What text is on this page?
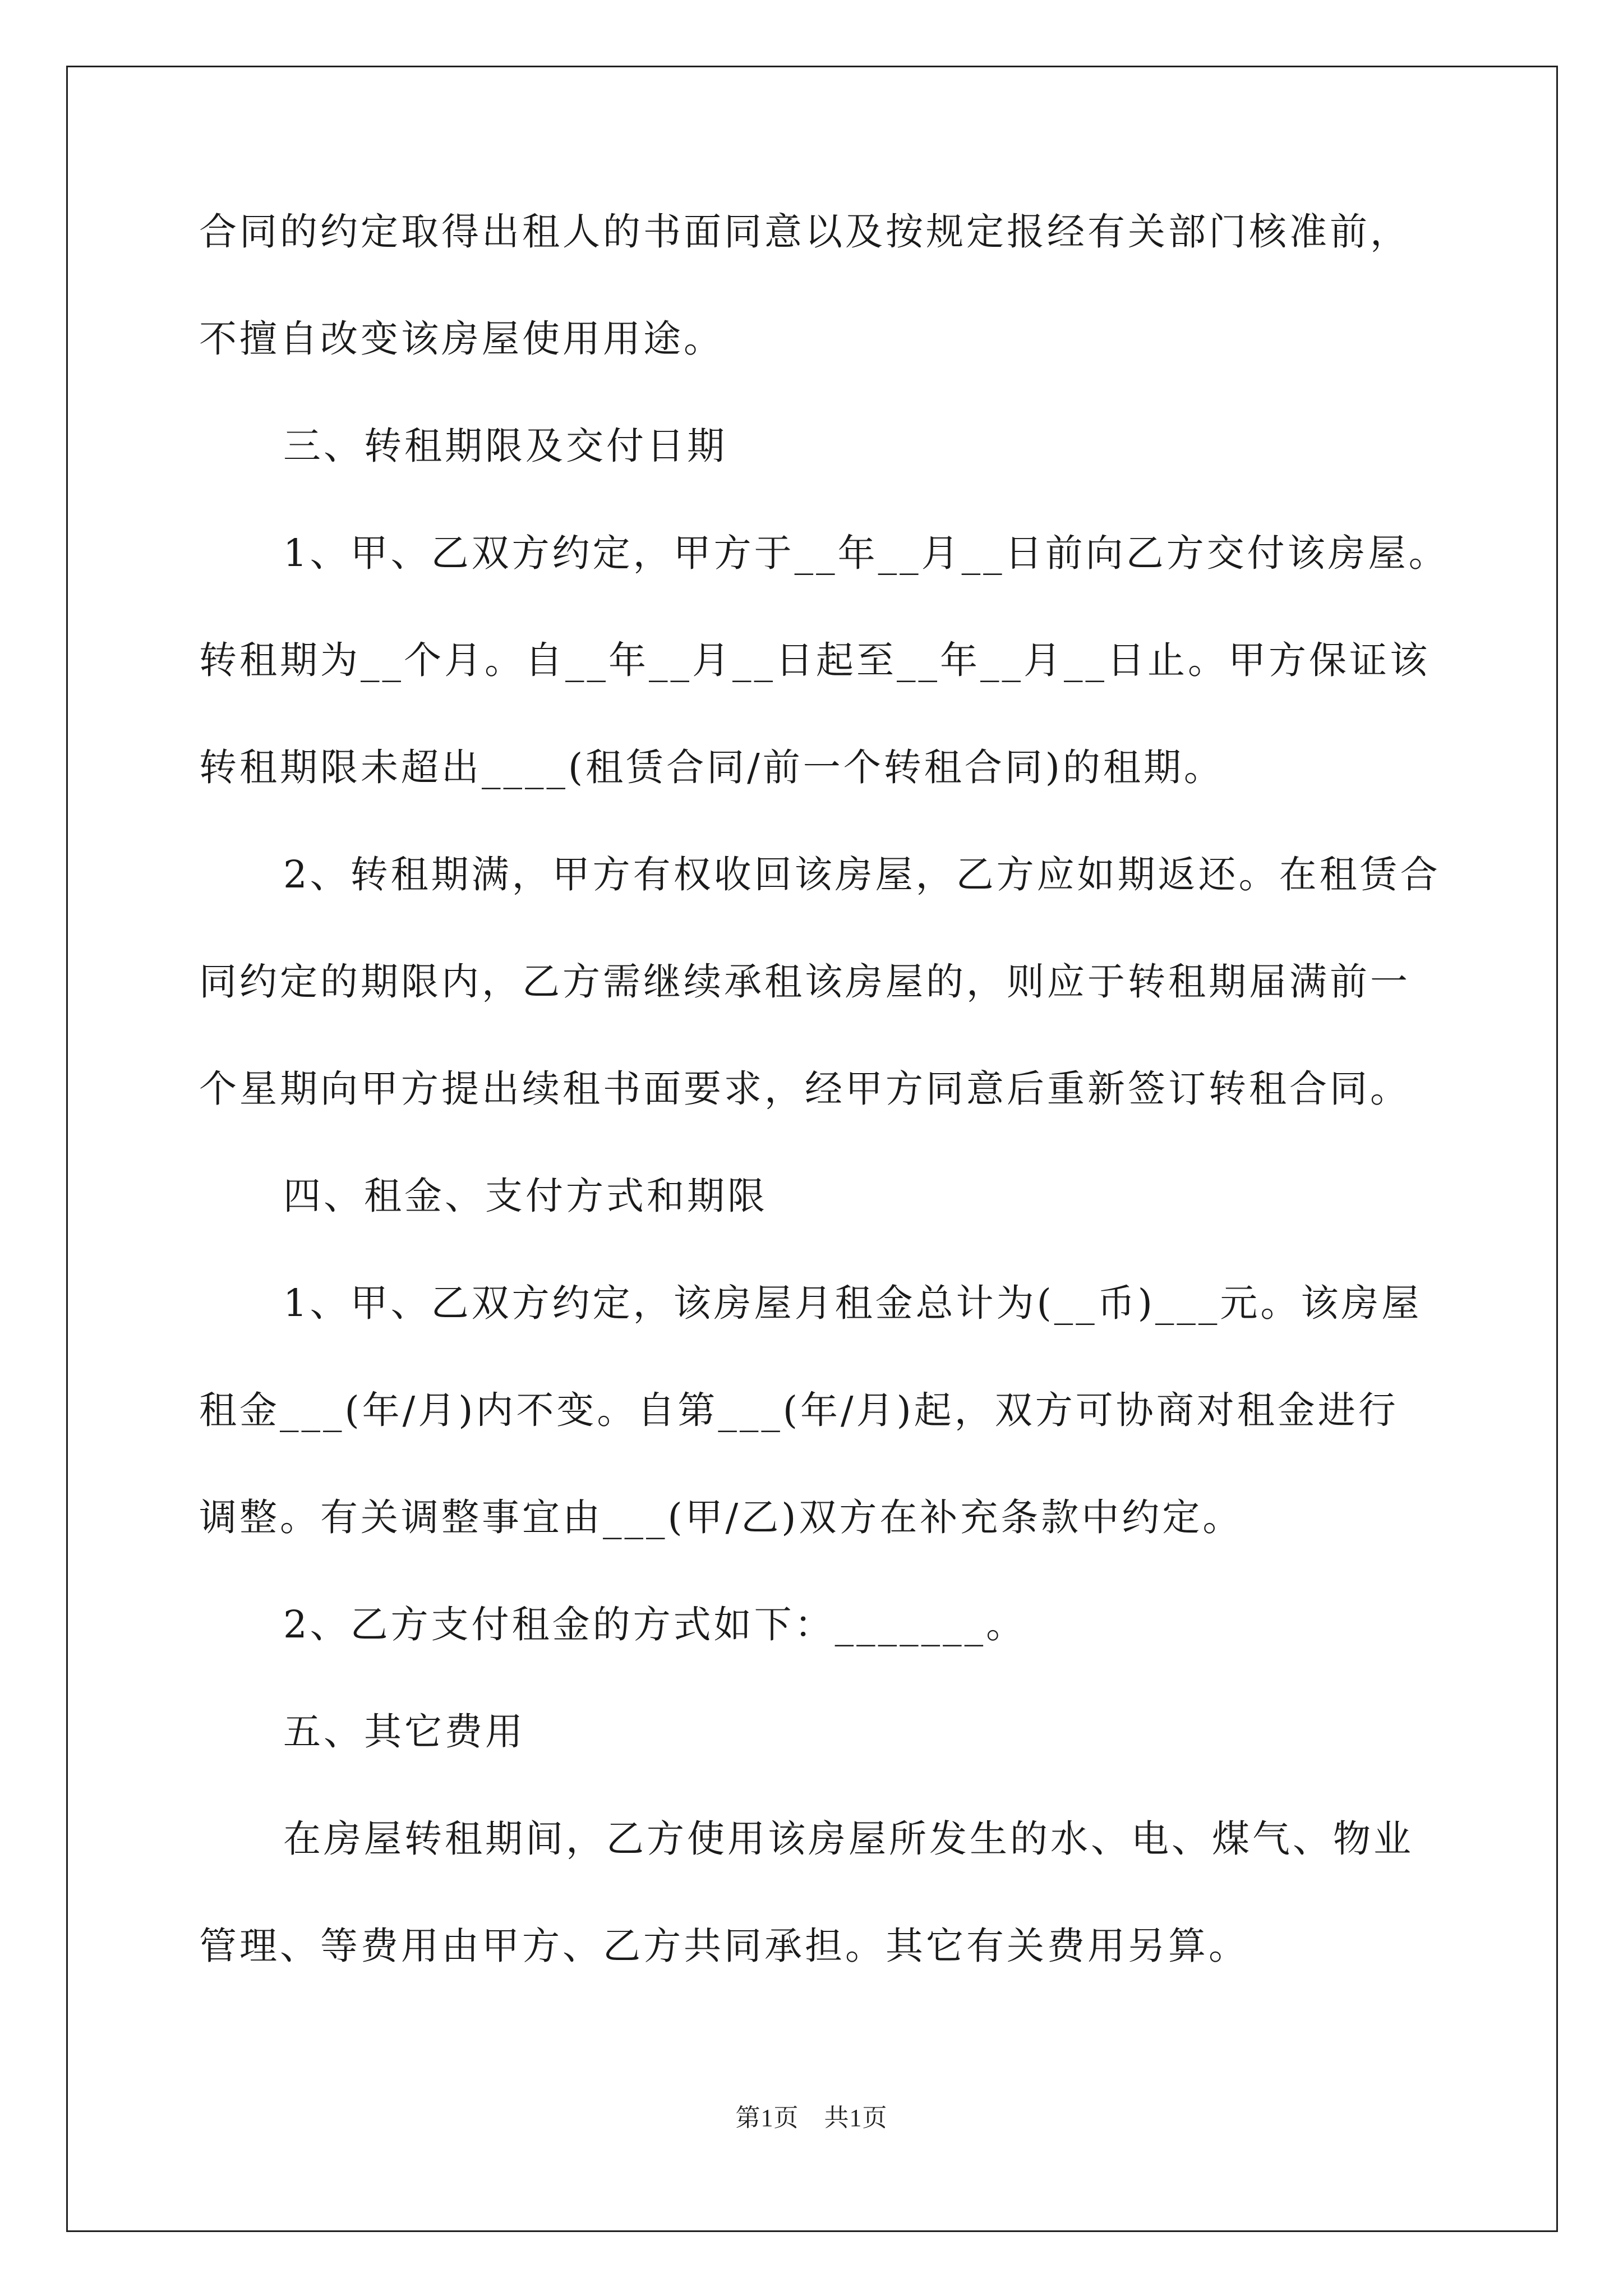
合同的约定取得出租人的书面同意以及按规定报经有关部门核准前，
不擅自改变该房屋使用用途。
三、转租期限及交付日期
1、甲、乙双方约定，甲方于__年__月__日前向乙方交付该房屋。
转租期为__个月。自__年__月__日起至__年__月__日止。甲方保证该
转租期限未超出____(租赁合同/前一个转租合同)的租期。
2、转租期满，甲方有权收回该房屋，乙方应如期返还。在租赁合
同约定的期限内，乙方需继续承租该房屋的，则应于转租期届满前一
个星期向甲方提出续租书面要求，经甲方同意后重新签订转租合同。
四、租金、支付方式和期限
1、甲、乙双方约定，该房屋月租金总计为(__币)___元。该房屋
租金___(年/月)内不变。自第___(年/月)起，双方可协商对租金进行
调整。有关调整事宜由___(甲/乙)双方在补充条款中约定。
2、乙方支付租金的方式如下：_______。
五、其它费用
在房屋转租期间，乙方使用该房屋所发生的水、电、煤气、物业
管理、等费用由甲方、乙方共同承担。其它有关费用另算。
第1页　共1页
